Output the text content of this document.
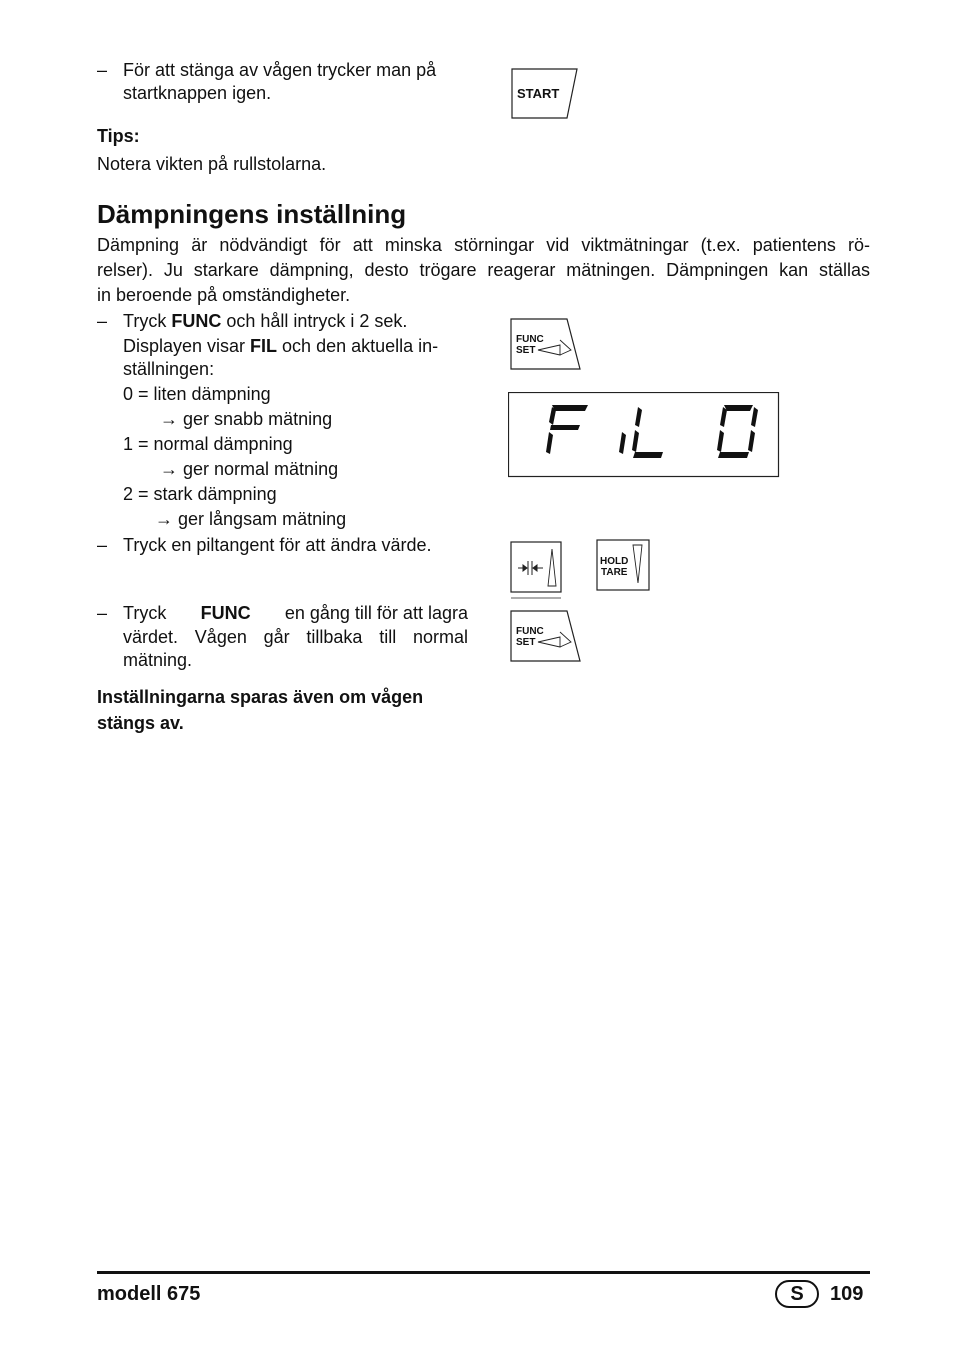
– För att stänga av vågen trycker man på
startknappen igen.	START
Tips:
Notera vikten på rullstolarna.
Dämpningens inställning
Dämpning är nödvändigt för att minska störningar vid viktmätningar (t.ex. patientens rö-
relser). Ju starkare dämpning, desto trögare reagerar mätningen. Dämpningen kan ställas
in beroende på omständigheter.
– Tryck FUNC och håll intryck i 2 sek.
Displayen visar FIL och den aktuella in-
ställningen:
0 = liten dämpning
→ ger snabb mätning
1 = normal dämpning
→ ger normal mätning
2 = stark dämpning
→ ger långsam mätning
– Tryck en piltangent för att ändra värde.
– Tryck FUNC en gång till för att lagra
värdet. Vågen går tillbaka till normal
mätning.
Inställningarna sparas även om vågen
stängs av.
FUNC
SET
HOLD
TARE
FUNC
SET
modell 675	S	109
